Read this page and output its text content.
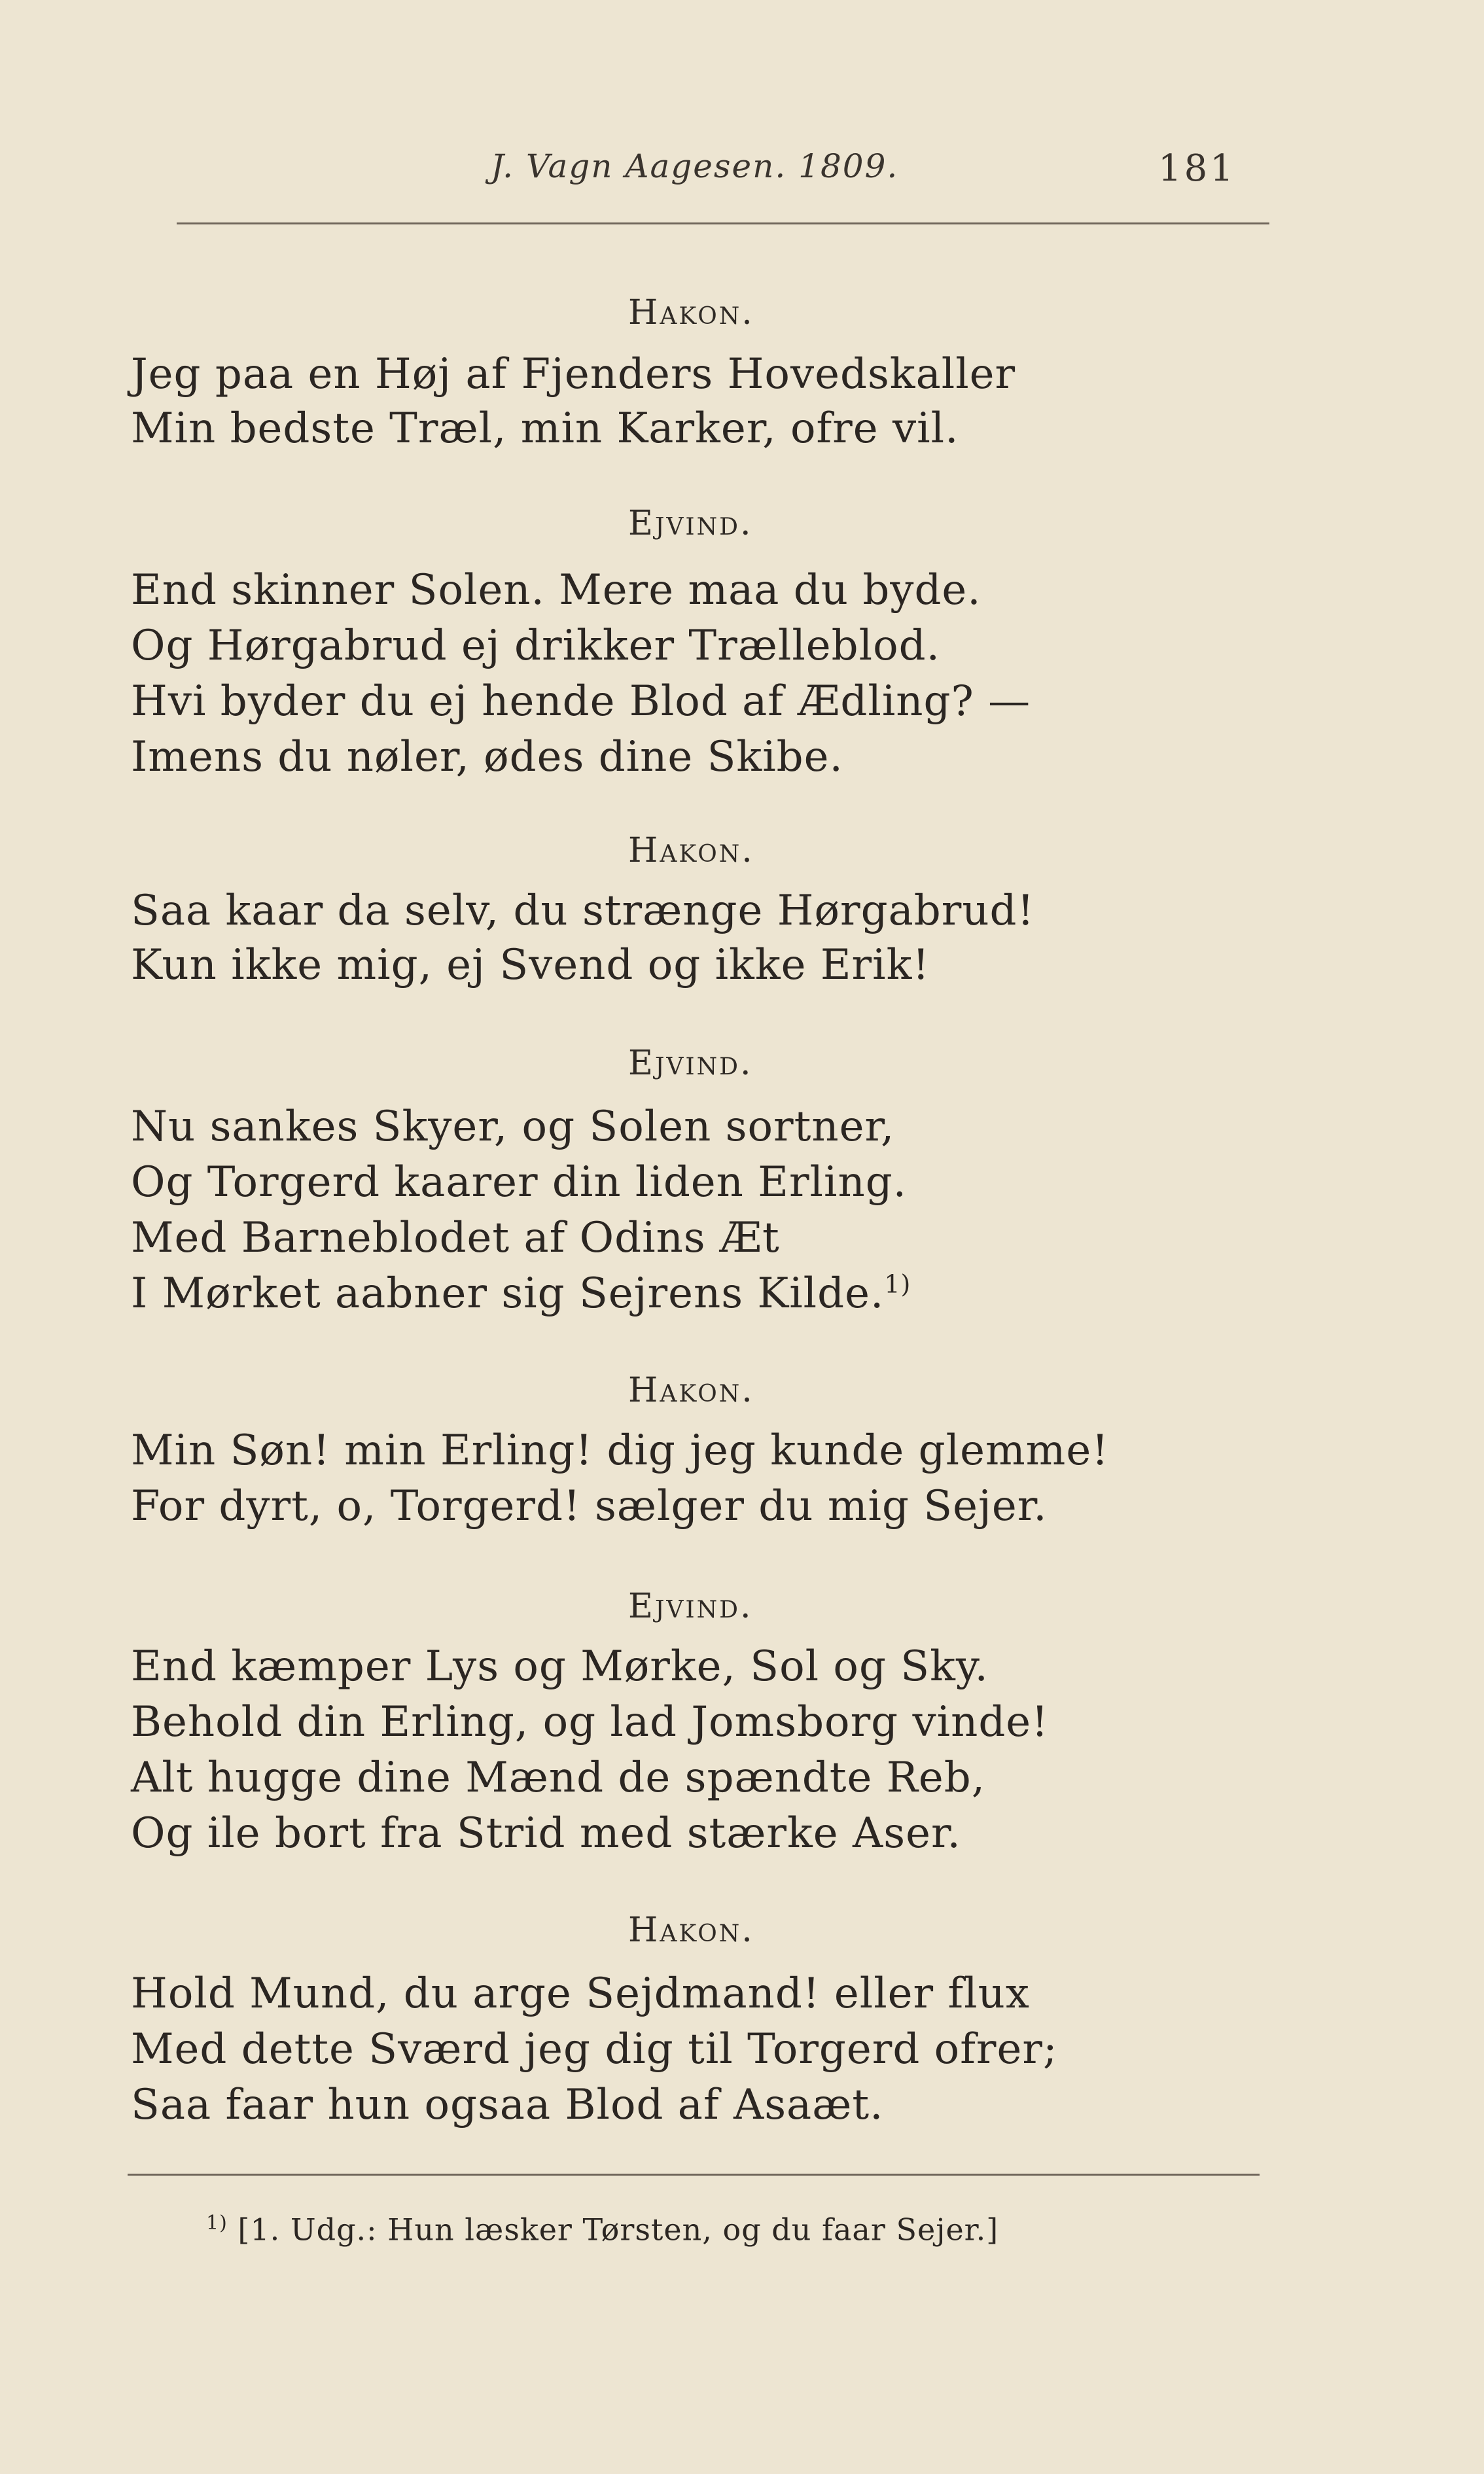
J. Vagn Aagesen. 1809.	181
Hakon.
Jeg paa en Høj af Fjenders Hovedskaller
Min bedste Træl, min Karker, ofre vil.
Ejvind.
End skinner Solen. Mere maa du byde.
Og Hørgabrud ej drikker Trælleblod.
Hvi byder du ej hende Blod af Ædling? —
Imens du nøler, ødes dine Skibe.
Hakon.
Saa kaar da selv, du strænge Hørgabrud!
Kun ikke mig, ej Svend og ikke Erik!
Ejvind.
Nu sankes Skyer, og Solen sortner,
Og Torgerd kaarer din liden Erling.
Med Barneblodet af Odins Æt
I Mørket aabner sig Sejrens Kilde.$^{1)}$
Hakon.
Min Søn! min Erling! dig jeg kunde glemme!
For dyrt, o, Torgerd! sælger du mig Sejer.
Ejvind.
End kæmper Lys og Mørke, Sol og Sky.
Behold din Erling, og lad Jomsborg vinde!
Alt hugge dine Mænd de spændte Reb,
Og ile bort fra Strid med stærke Aser.
Hakon.
Hold Mund, du arge Sejdmand! eller flux
Med dette Sværd jeg dig til Torgerd ofrer;
Saa faar hun ogsaa Blod af Asaæt.
$^{1)}$ [1. Udg.: Hun læsker Tørsten, og du faar Sejer.]
